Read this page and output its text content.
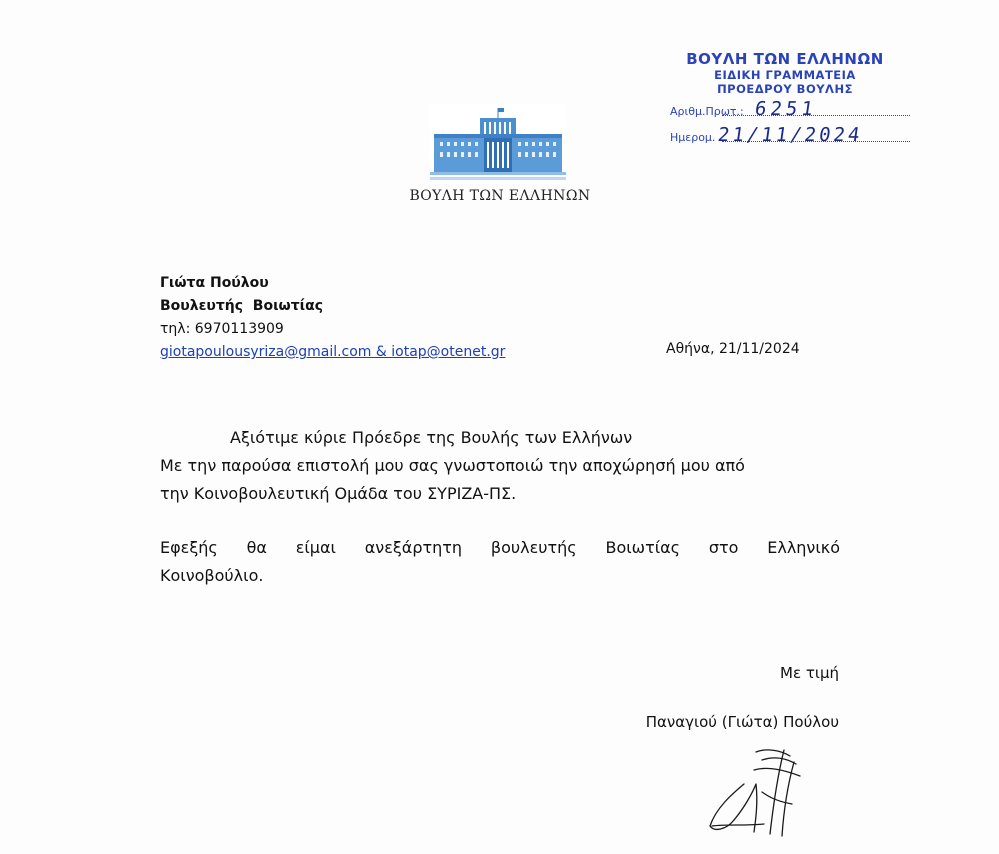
ΒΟΥΛΗ ΤΩΝ ΕΛΛΗΝΩΝ
ΕΙΔΙΚΗ ΓΡΑΜΜΑΤΕΙΑ
ΠΡΟΕΔΡΟΥ ΒΟΥΛΗΣ
Αριθμ.Πρωτ.: 6251
Ημερομ. 21/11/2024
ΒΟΥΛΗ ΤΩΝ ΕΛΛΗΝΩΝ
Γιώτα Πούλου
Βουλευτής  Βοιωτίας
τηλ: 6970113909
giotapoulousyriza@gmail.com & iotap@otenet.gr	Αθήνα, 21/11/2024
Αξιότιμε κύριε Πρόεδρε της Βουλής των Ελλήνων
Με την παρούσα επιστολή μου σας γνωστοποιώ την αποχώρησή μου από
την Κοινοβουλευτική Ομάδα του ΣΥΡΙΖΑ-ΠΣ.
Εφεξής θα είμαι ανεξάρτητη βουλευτής Βοιωτίας στο Ελληνικό
Κοινοβούλιο.
Με τιμή
Παναγιού (Γιώτα) Πούλου
